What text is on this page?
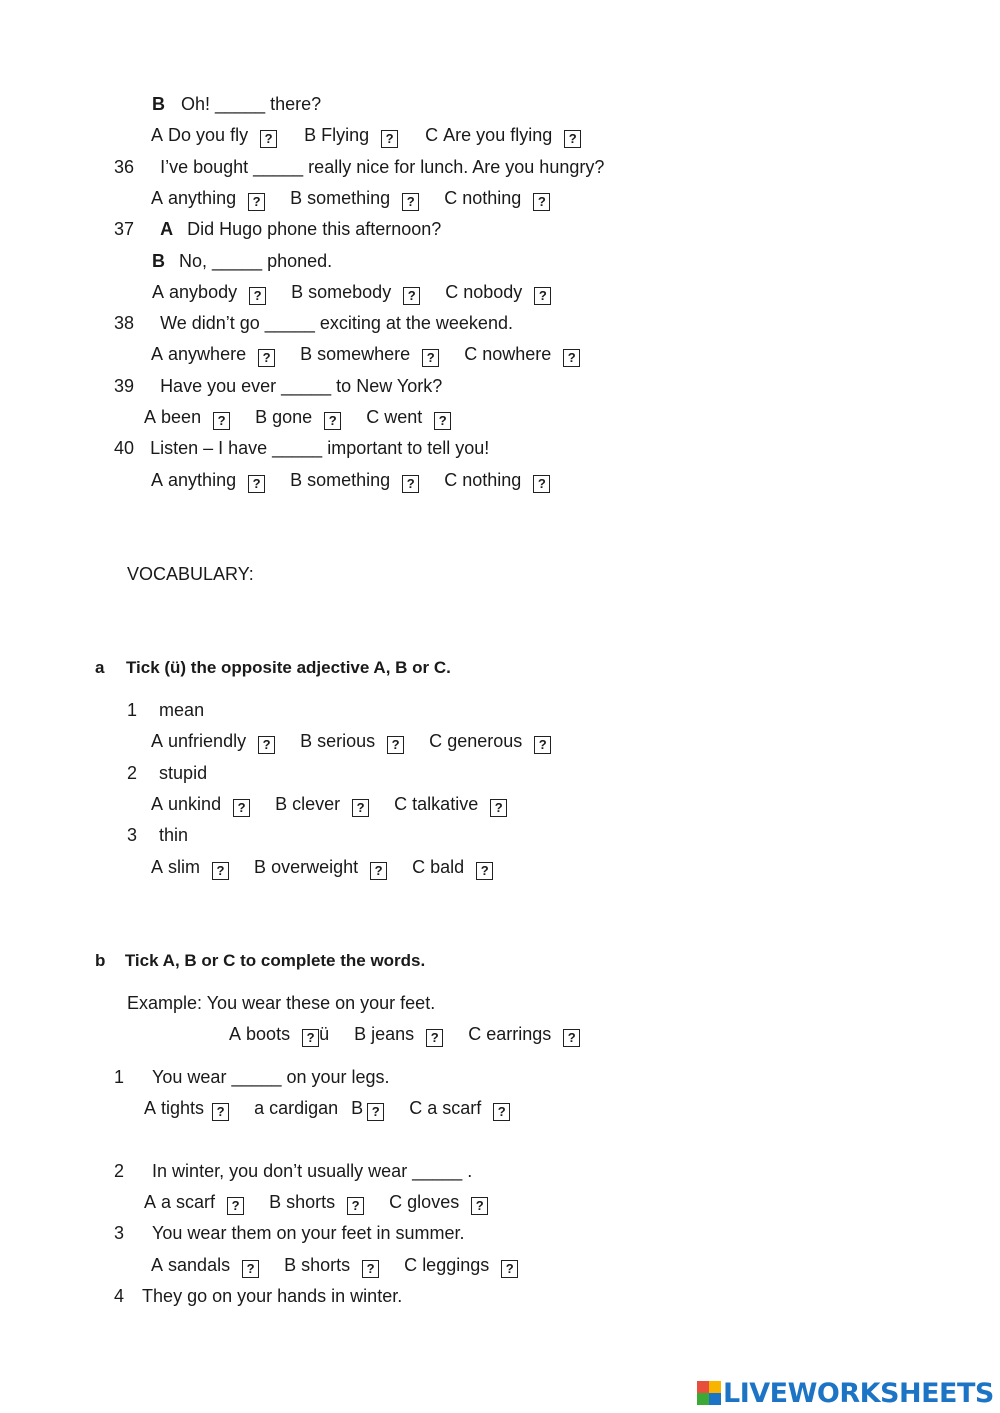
B Oh! _____ there?
A Do you fly ? B Flying ? C Are you flying ?
36 I’ve bought _____ really nice for lunch. Are you hungry?
A anything ? B something ? C nothing ?
37 A Did Hugo phone this afternoon?
B No, _____ phoned.
A anybody ? B somebody ? C nobody ?
38 We didn’t go _____ exciting at the weekend.
A anywhere ? B somewhere ? C nowhere ?
39 Have you ever _____ to New York?
A been ? B gone ? C went ?
40 Listen – I have _____ important to tell you!
A anything ? B something ? C nothing ?
VOCABULARY:
a Tick (ü) the opposite adjective A, B or C.
1 mean
A unfriendly ? B serious ? C generous ?
2 stupid
A unkind ? B clever ? C talkative ?
3 thin
A slim ? B overweight ? C bald ?
b Tick A, B or C to complete the words.
Example: You wear these on your feet.
A boots ? ü B jeans ? C earrings ?
1 You wear _____ on your legs.
A tights ? a cardigan B ? C a scarf ?
2 In winter, you don’t usually wear _____ .
A a scarf ? B shorts ? C gloves ?
3 You wear them on your feet in summer.
A sandals ? B shorts ? C leggings ?
4 They go on your hands in winter.
LIVEWORKSHEETS
